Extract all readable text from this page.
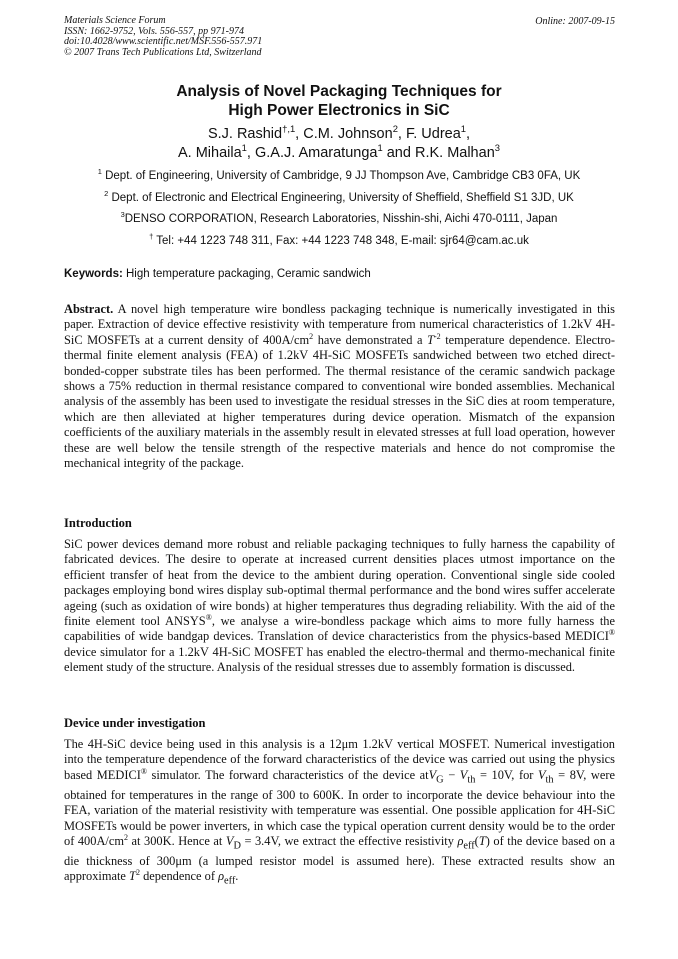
Materials Science Forum
ISSN: 1662-9752, Vols. 556-557, pp 971-974
doi:10.4028/www.scientific.net/MSF.556-557.971
© 2007 Trans Tech Publications Ltd, Switzerland
Online: 2007-09-15
Analysis of Novel Packaging Techniques for
High Power Electronics in SiC
S.J. Rashid$^{\dagger,1}$, C.M. Johnson$^2$, F. Udrea$^1$,
A. Mihaila$^1$, G.A.J. Amaratunga$^1$ and R.K. Malhan$^3$
$^1$ Dept. of Engineering, University of Cambridge, 9 JJ Thompson Ave, Cambridge CB3 0FA, UK
$^2$ Dept. of Electronic and Electrical Engineering, University of Sheffield, Sheffield S1 3JD, UK
$^3$DENSO CORPORATION, Research Laboratories, Nisshin-shi, Aichi 470-0111, Japan
† Tel: +44 1223 748 311, Fax: +44 1223 748 348, E-mail: sjr64@cam.ac.uk
Keywords: High temperature packaging, Ceramic sandwich
Abstract. A novel high temperature wire bondless packaging technique is numerically investigated in this paper. Extraction of device effective resistivity with temperature from numerical characteristics of 1.2kV 4H-SiC MOSFETs at a current density of $400A/cm^2$ have demonstrated a $T^{-2}$ temperature dependence. Electro-thermal finite element analysis (FEA) of 1.2kV 4H-SiC MOSFETs sandwiched between two etched direct-bonded-copper substrate tiles has been performed. The thermal resistance of the ceramic sandwich package shows a 75% reduction in thermal resistance compared to conventional wire bonded assemblies. Mechanical analysis of the assembly has been used to investigate the residual stresses in the SiC dies at room temperature, which are then alleviated at higher temperatures during device operation. Mismatch of the expansion coefficients of the auxiliary materials in the assembly result in elevated stresses at full load operation, however these are well below the tensile strength of the respective materials and hence do not compromise the mechanical integrity of the package.
Introduction
SiC power devices demand more robust and reliable packaging techniques to fully harness the capability of fabricated devices. The desire to operate at increased current densities places utmost importance on the efficient transfer of heat from the device to the ambient during operation. Conventional single side cooled packages employing bond wires display sub-optimal thermal performance and the bond wires suffer accelerate ageing (such as oxidation of wire bonds) at higher temperatures thus degrading reliability. With the aid of the finite element tool ANSYS®, we analyse a wire-bondless package which aims to more fully harness the capabilities of wide bandgap devices. Translation of device characteristics from the physics-based MEDICI® device simulator for a 1.2kV 4H-SiC MOSFET has enabled the electro-thermal and thermo-mechanical finite element study of the structure. Analysis of the residual stresses due to assembly formation is discussed.
Device under investigation
The 4H-SiC device being used in this analysis is a 12μm 1.2kV vertical MOSFET. Numerical investigation into the temperature dependence of the forward characteristics of the device was carried out using the physics based MEDICI® simulator. The forward characteristics of the device $atV_G - V_{th} = 10V$, for $V_{th} = 8V$, were obtained for temperatures in the range of 300 to 600K. In order to incorporate the device behaviour into the FEA, variation of the material resistivity with temperature was essential. One possible application for 4H-SiC MOSFETs would be power inverters, in which case the typical operation current density would be to the order of $400A/cm^2$ at 300K. Hence at $V_D = 3.4V$, we extract the effective resistivity $\rho_{eff}(T)$ of the device based on a die thickness of 300μm (a lumped resistor model is assumed here). These extracted results show an approximate $T^2$ dependence of $\rho_{eff}$.
